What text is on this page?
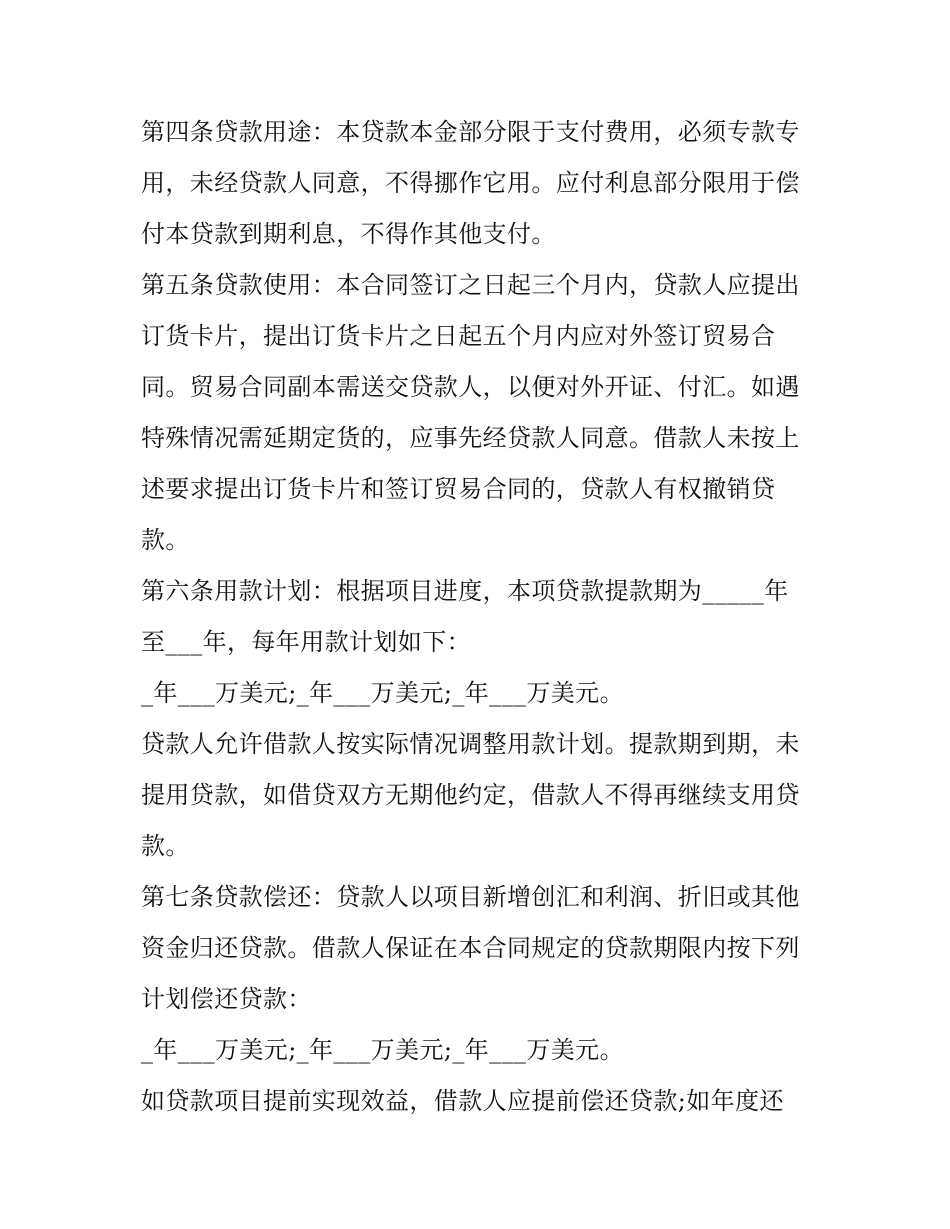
第四条贷款用途：本贷款本金部分限于支付费用，必须专款专
用，未经贷款人同意，不得挪作它用。应付利息部分限用于偿
付本贷款到期利息，不得作其他支付。
第五条贷款使用：本合同签订之日起三个月内，贷款人应提出
订货卡片，提出订货卡片之日起五个月内应对外签订贸易合
同。贸易合同副本需送交贷款人，以便对外开证、付汇。如遇
特殊情况需延期定货的，应事先经贷款人同意。借款人未按上
述要求提出订货卡片和签订贸易合同的，贷款人有权撤销贷
款。
第六条用款计划：根据项目进度，本项贷款提款期为_____年
至___年，每年用款计划如下：
_年___万美元;_年___万美元;_年___万美元。
贷款人允许借款人按实际情况调整用款计划。提款期到期，未
提用贷款，如借贷双方无期他约定，借款人不得再继续支用贷
款。
第七条贷款偿还：贷款人以项目新增创汇和利润、折旧或其他
资金归还贷款。借款人保证在本合同规定的贷款期限内按下列
计划偿还贷款：
_年___万美元;_年___万美元;_年___万美元。
如贷款项目提前实现效益，借款人应提前偿还贷款;如年度还
